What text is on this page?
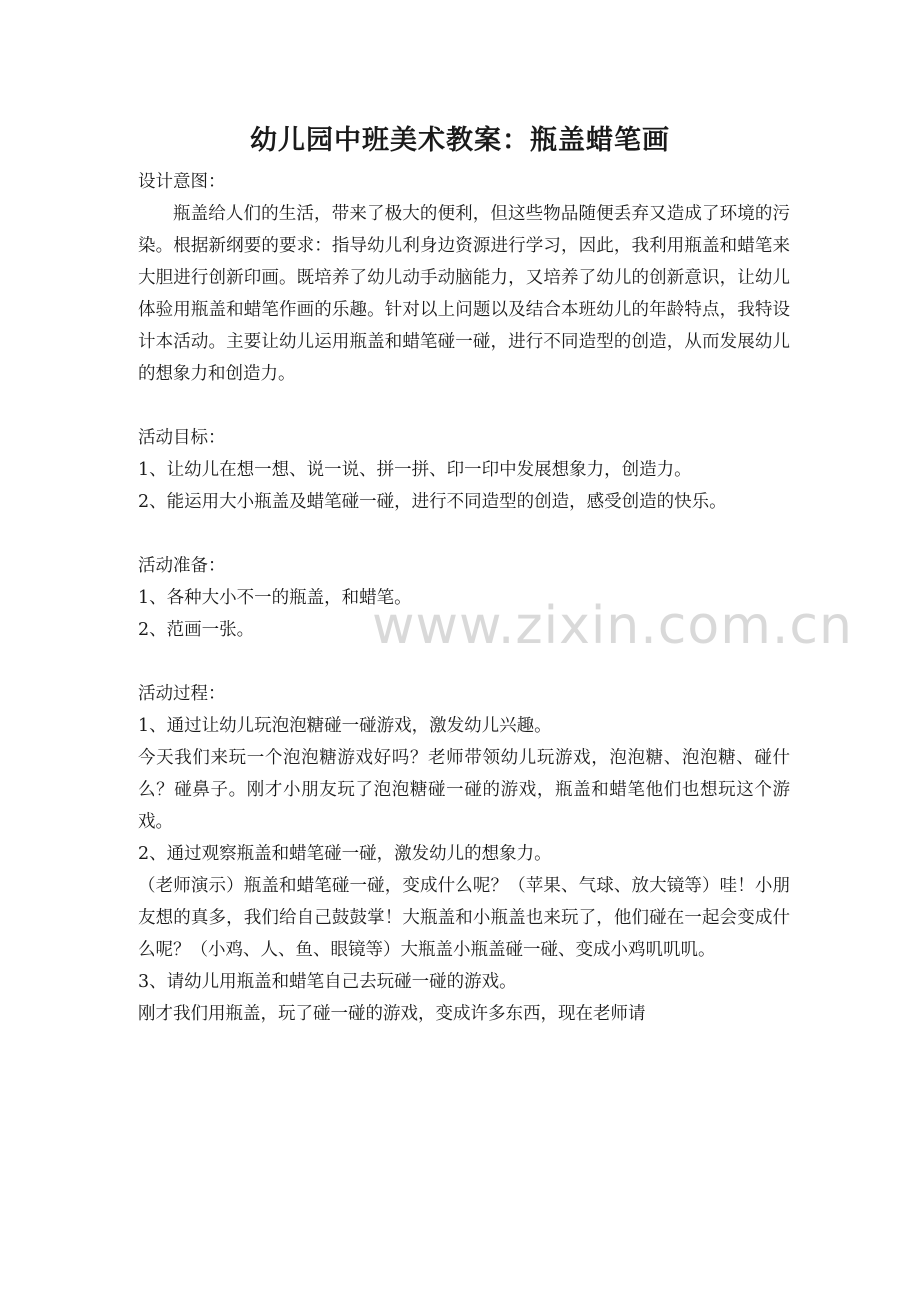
www.zixin.com.cn
幼儿园中班美术教案：瓶盖蜡笔画

设计意图：

瓶盖给人们的生活，带来了极大的便利，但这些物品随便丢弃又造成了环境的污染。根据新纲要的要求：指导幼儿利身边资源进行学习，因此，我利用瓶盖和蜡笔来大胆进行创新印画。既培养了幼儿动手动脑能力，又培养了幼儿的创新意识，让幼儿体验用瓶盖和蜡笔作画的乐趣。针对以上问题以及结合本班幼儿的年龄特点，我特设计本活动。主要让幼儿运用瓶盖和蜡笔碰一碰，进行不同造型的创造，从而发展幼儿的想象力和创造力。

活动目标：

1、让幼儿在想一想、说一说、拼一拼、印一印中发展想象力，创造力。

2、能运用大小瓶盖及蜡笔碰一碰，进行不同造型的创造，感受创造的快乐。

活动准备：

1、各种大小不一的瓶盖，和蜡笔。

2、范画一张。

活动过程：

1、通过让幼儿玩泡泡糖碰一碰游戏，激发幼儿兴趣。

今天我们来玩一个泡泡糖游戏好吗？老师带领幼儿玩游戏，泡泡糖、泡泡糖、碰什么？碰鼻子。刚才小朋友玩了泡泡糖碰一碰的游戏，瓶盖和蜡笔他们也想玩这个游戏。

2、通过观察瓶盖和蜡笔碰一碰，激发幼儿的想象力。

（老师演示）瓶盖和蜡笔碰一碰，变成什么呢？（苹果、气球、放大镜等）哇！小朋友想的真多，我们给自己鼓鼓掌！大瓶盖和小瓶盖也来玩了，他们碰在一起会变成什么呢？（小鸡、人、鱼、眼镜等）大瓶盖小瓶盖碰一碰、变成小鸡叽叽叽。

3、请幼儿用瓶盖和蜡笔自己去玩碰一碰的游戏。

刚才我们用瓶盖，玩了碰一碰的游戏，变成许多东西，现在老师请
